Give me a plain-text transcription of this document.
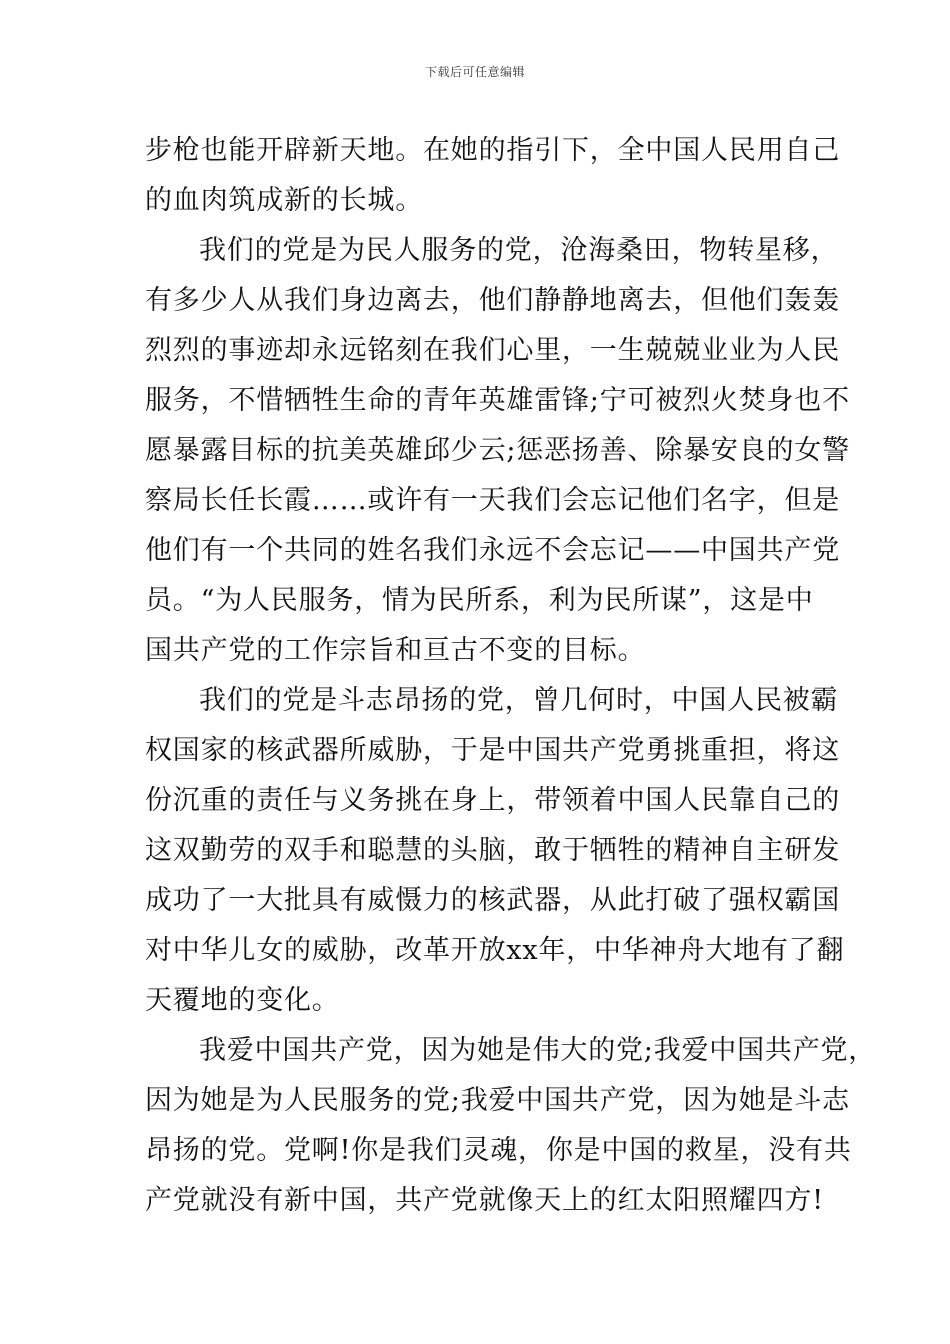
下载后可任意编辑
步枪也能开辟新天地。在她的指引下，全中国人民用自己
的血肉筑成新的长城。
我们的党是为民人服务的党，沧海桑田，物转星移，
有多少人从我们身边离去，他们静静地离去，但他们轰轰
烈烈的事迹却永远铭刻在我们心里，一生兢兢业业为人民
服务，不惜牺牲生命的青年英雄雷锋;宁可被烈火焚身也不
愿暴露目标的抗美英雄邱少云;惩恶扬善、除暴安良的女警
察局长任长霞……或许有一天我们会忘记他们名字，但是
他们有一个共同的姓名我们永远不会忘记——中国共产党
员。“为人民服务，情为民所系，利为民所谋”，这是中
国共产党的工作宗旨和亘古不变的目标。
我们的党是斗志昂扬的党，曾几何时，中国人民被霸
权国家的核武器所威胁，于是中国共产党勇挑重担，将这
份沉重的责任与义务挑在身上，带领着中国人民靠自己的
这双勤劳的双手和聪慧的头脑，敢于牺牲的精神自主研发
成功了一大批具有威慑力的核武器，从此打破了强权霸国
对中华儿女的威胁，改革开放xx年，中华神舟大地有了翻
天覆地的变化。
我爱中国共产党，因为她是伟大的党;我爱中国共产党，
因为她是为人民服务的党;我爱中国共产党，因为她是斗志
昂扬的党。党啊!你是我们灵魂，你是中国的救星，没有共
产党就没有新中国，共产党就像天上的红太阳照耀四方!
